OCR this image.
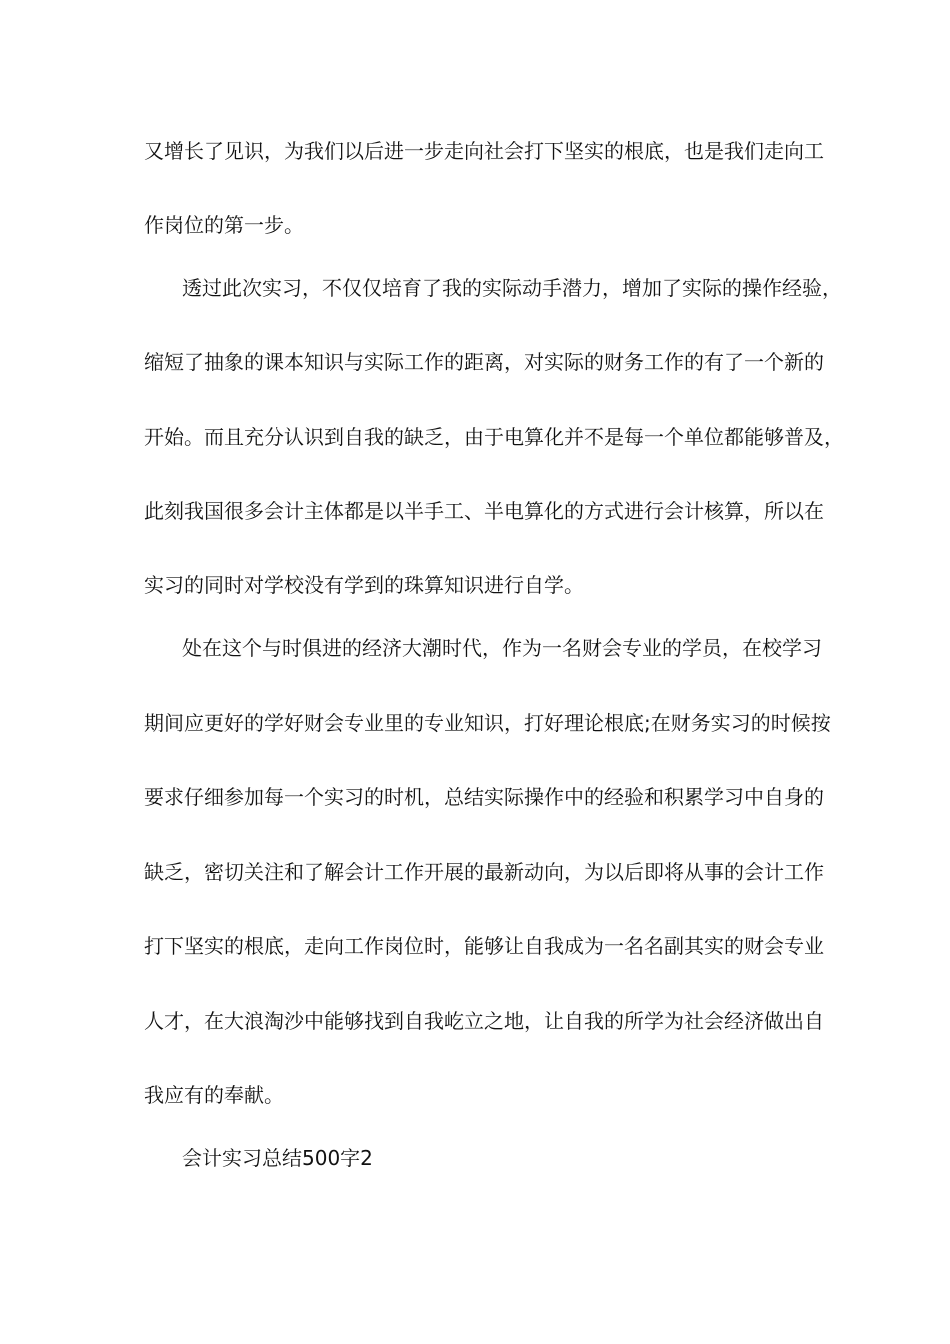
又增长了见识，为我们以后进一步走向社会打下坚实的根底，也是我们走向工
作岗位的第一步。
透过此次实习，不仅仅培育了我的实际动手潜力，增加了实际的操作经验，
缩短了抽象的课本知识与实际工作的距离，对实际的财务工作的有了一个新的
开始。而且充分认识到自我的缺乏，由于电算化并不是每一个单位都能够普及，
此刻我国很多会计主体都是以半手工、半电算化的方式进行会计核算，所以在
实习的同时对学校没有学到的珠算知识进行自学。
处在这个与时俱进的经济大潮时代，作为一名财会专业的学员，在校学习
期间应更好的学好财会专业里的专业知识，打好理论根底;在财务实习的时候按
要求仔细参加每一个实习的时机，总结实际操作中的经验和积累学习中自身的
缺乏，密切关注和了解会计工作开展的最新动向，为以后即将从事的会计工作
打下坚实的根底，走向工作岗位时，能够让自我成为一名名副其实的财会专业
人才，在大浪淘沙中能够找到自我屹立之地，让自我的所学为社会经济做出自
我应有的奉献。
会计实习总结500字2
